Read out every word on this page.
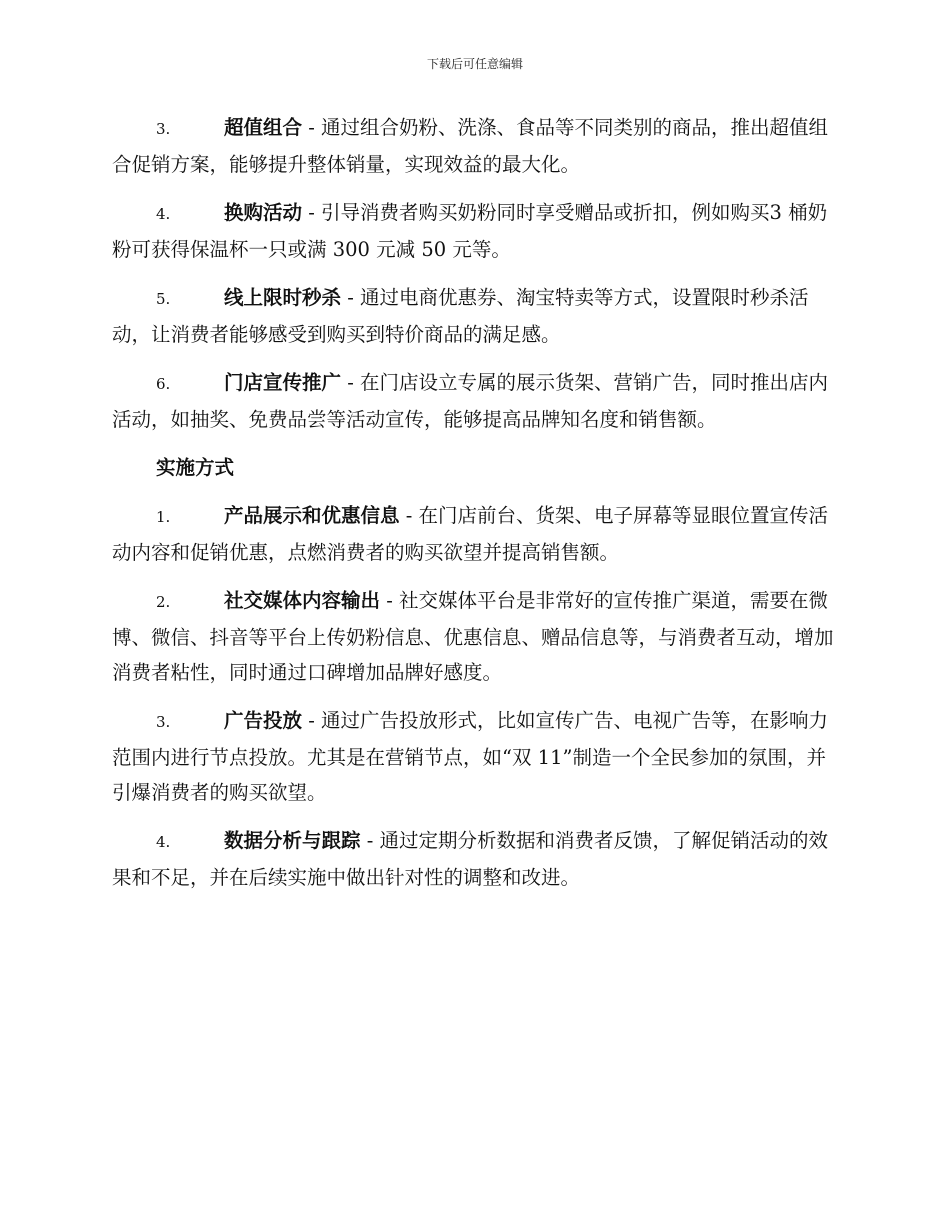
下载后可任意编辑
3.	超值组合 - 通过组合奶粉、洗涤、食品等不同类别的商品，推出超值组合促销方案，能够提升整体销量，实现效益的最大化。
4.	换购活动 - 引导消费者购买奶粉同时享受赠品或折扣，例如购买3 桶奶粉可获得保温杯一只或满 300 元减 50 元等。
5.	线上限时秒杀 - 通过电商优惠券、淘宝特卖等方式，设置限时秒杀活动，让消费者能够感受到购买到特价商品的满足感。
6.	门店宣传推广 - 在门店设立专属的展示货架、营销广告，同时推出店内活动，如抽奖、免费品尝等活动宣传，能够提高品牌知名度和销售额。
实施方式
1.	产品展示和优惠信息 - 在门店前台、货架、电子屏幕等显眼位置宣传活动内容和促销优惠，点燃消费者的购买欲望并提高销售额。
2.	社交媒体内容输出 - 社交媒体平台是非常好的宣传推广渠道，需要在微博、微信、抖音等平台上传奶粉信息、优惠信息、赠品信息等，与消费者互动，增加消费者粘性，同时通过口碑增加品牌好感度。
3.	广告投放 - 通过广告投放形式，比如宣传广告、电视广告等，在影响力范围内进行节点投放。尤其是在营销节点，如“双 11”制造一个全民参加的氛围，并引爆消费者的购买欲望。
4.	数据分析与跟踪 - 通过定期分析数据和消费者反馈，了解促销活动的效果和不足，并在后续实施中做出针对性的调整和改进。
